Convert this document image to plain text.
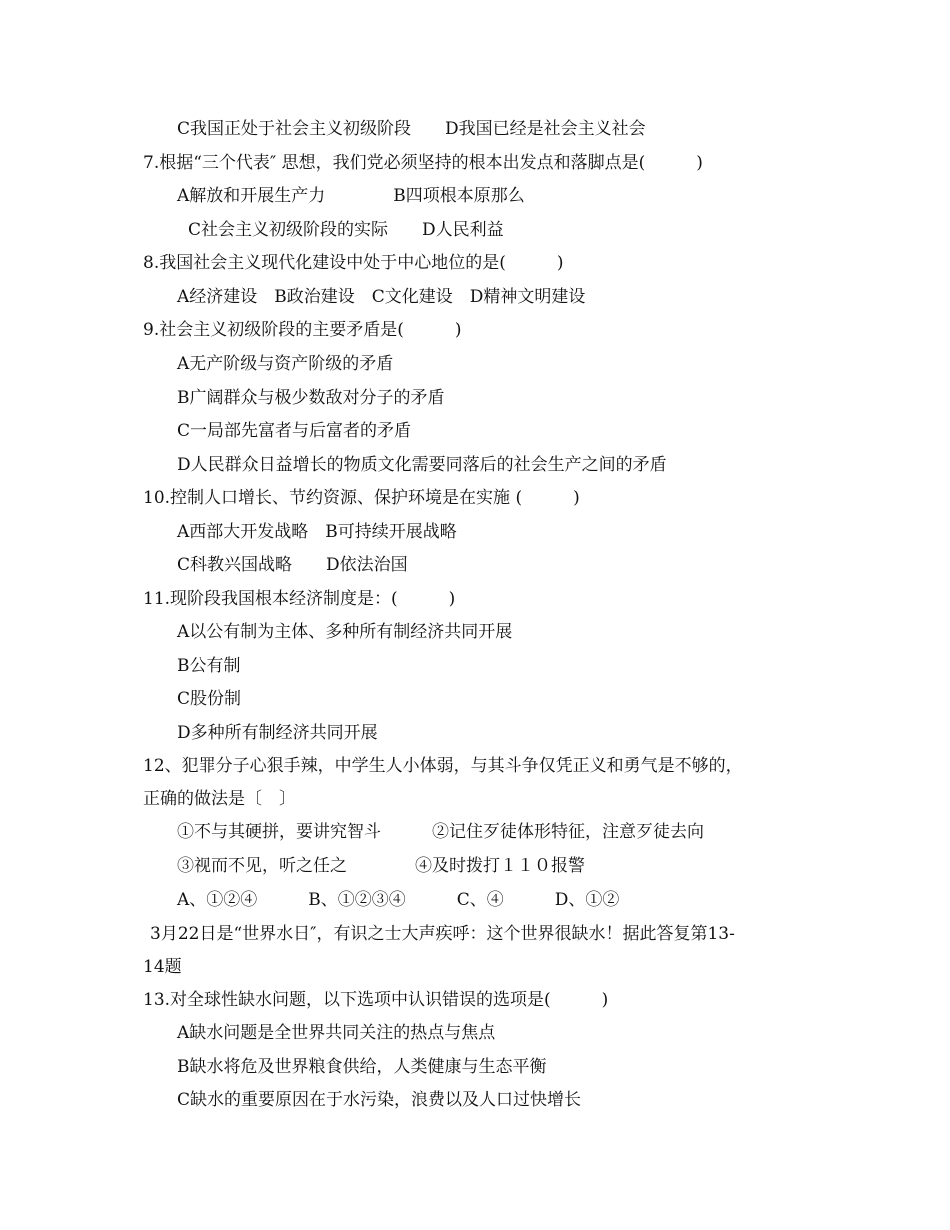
C我国正处于社会主义初级阶段　　D我国已经是社会主义社会
7.根据“三个代表″ 思想，我们党必须坚持的根本出发点和落脚点是(　　　)
A解放和开展生产力　　　　B四项根本原那么
C社会主义初级阶段的实际　　D人民利益
8.我国社会主义现代化建设中处于中心地位的是(　　　)
A经济建设　B政治建设　C文化建设　D精神文明建设
9.社会主义初级阶段的主要矛盾是(　　　)
A无产阶级与资产阶级的矛盾
B广阔群众与极少数敌对分子的矛盾
C一局部先富者与后富者的矛盾
D人民群众日益增长的物质文化需要同落后的社会生产之间的矛盾
10.控制人口增长、节约资源、保护环境是在实施 (　　　)
A西部大开发战略　B可持续开展战略
C科教兴国战略　　D依法治国
11.现阶段我国根本经济制度是：(　　　)
A以公有制为主体、多种所有制经济共同开展
B公有制
C股份制
D多种所有制经济共同开展
12、犯罪分子心狠手辣，中学生人小体弱，与其斗争仅凭正义和勇气是不够的，
正确的做法是〔　〕
①不与其硬拼，要讲究智斗　　　②记住歹徒体形特征，注意歹徒去向
③视而不见，听之任之　　　　④及时拨打１１０报警
A、①②④　　　B、①②③④　　　C、④　　　D、①②
3月22日是“世界水日″，有识之士大声疾呼：这个世界很缺水！据此答复第13-
14题
13.对全球性缺水问题，以下选项中认识错误的选项是(　　　)
A缺水问题是全世界共同关注的热点与焦点
B缺水将危及世界粮食供给，人类健康与生态平衡
C缺水的重要原因在于水污染，浪费以及人口过快增长
